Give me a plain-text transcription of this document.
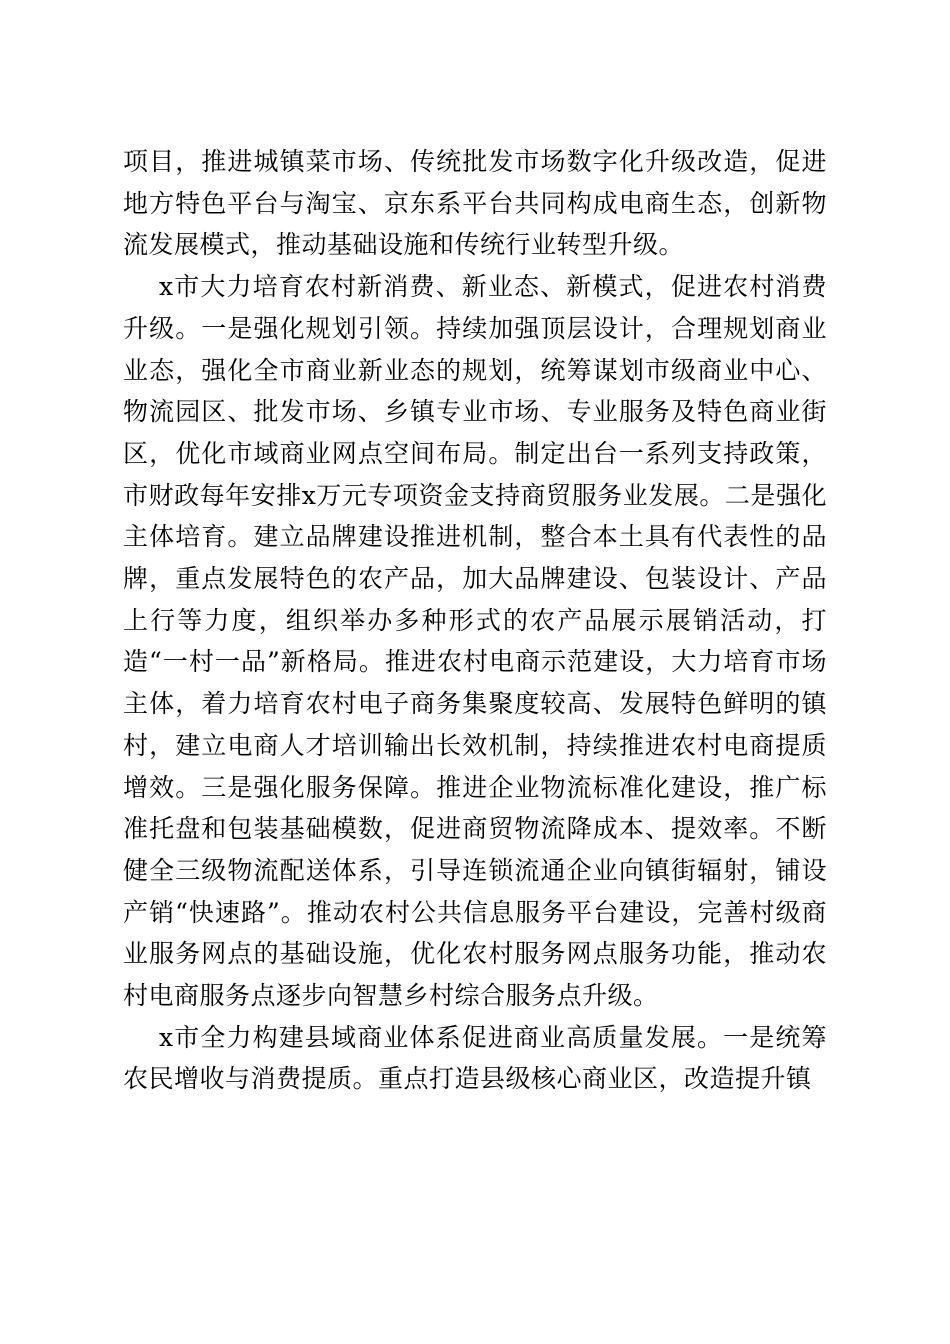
项目，推进城镇菜市场、传统批发市场数字化升级改造，促进地方特色平台与淘宝、京东系平台共同构成电商生态，创新物流发展模式，推动基础设施和传统行业转型升级。

x市大力培育农村新消费、新业态、新模式，促进农村消费升级。一是强化规划引领。持续加强顶层设计，合理规划商业业态，强化全市商业新业态的规划，统筹谋划市级商业中心、物流园区、批发市场、乡镇专业市场、专业服务及特色商业街区，优化市域商业网点空间布局。制定出台一系列支持政策，市财政每年安排x万元专项资金支持商贸服务业发展。二是强化主体培育。建立品牌建设推进机制，整合本土具有代表性的品牌，重点发展特色的农产品，加大品牌建设、包装设计、产品上行等力度，组织举办多种形式的农产品展示展销活动，打造“一村一品”新格局。推进农村电商示范建设，大力培育市场主体，着力培育农村电子商务集聚度较高、发展特色鲜明的镇村，建立电商人才培训输出长效机制，持续推进农村电商提质增效。三是强化服务保障。推进企业物流标准化建设，推广标准托盘和包装基础模数，促进商贸物流降成本、提效率。不断健全三级物流配送体系，引导连锁流通企业向镇街辐射，铺设产销“快速路”。推动农村公共信息服务平台建设，完善村级商业服务网点的基础设施，优化农村服务网点服务功能，推动农村电商服务点逐步向智慧乡村综合服务点升级。

x市全力构建县域商业体系促进商业高质量发展。一是统筹农民增收与消费提质。重点打造县级核心商业区，改造提升镇
